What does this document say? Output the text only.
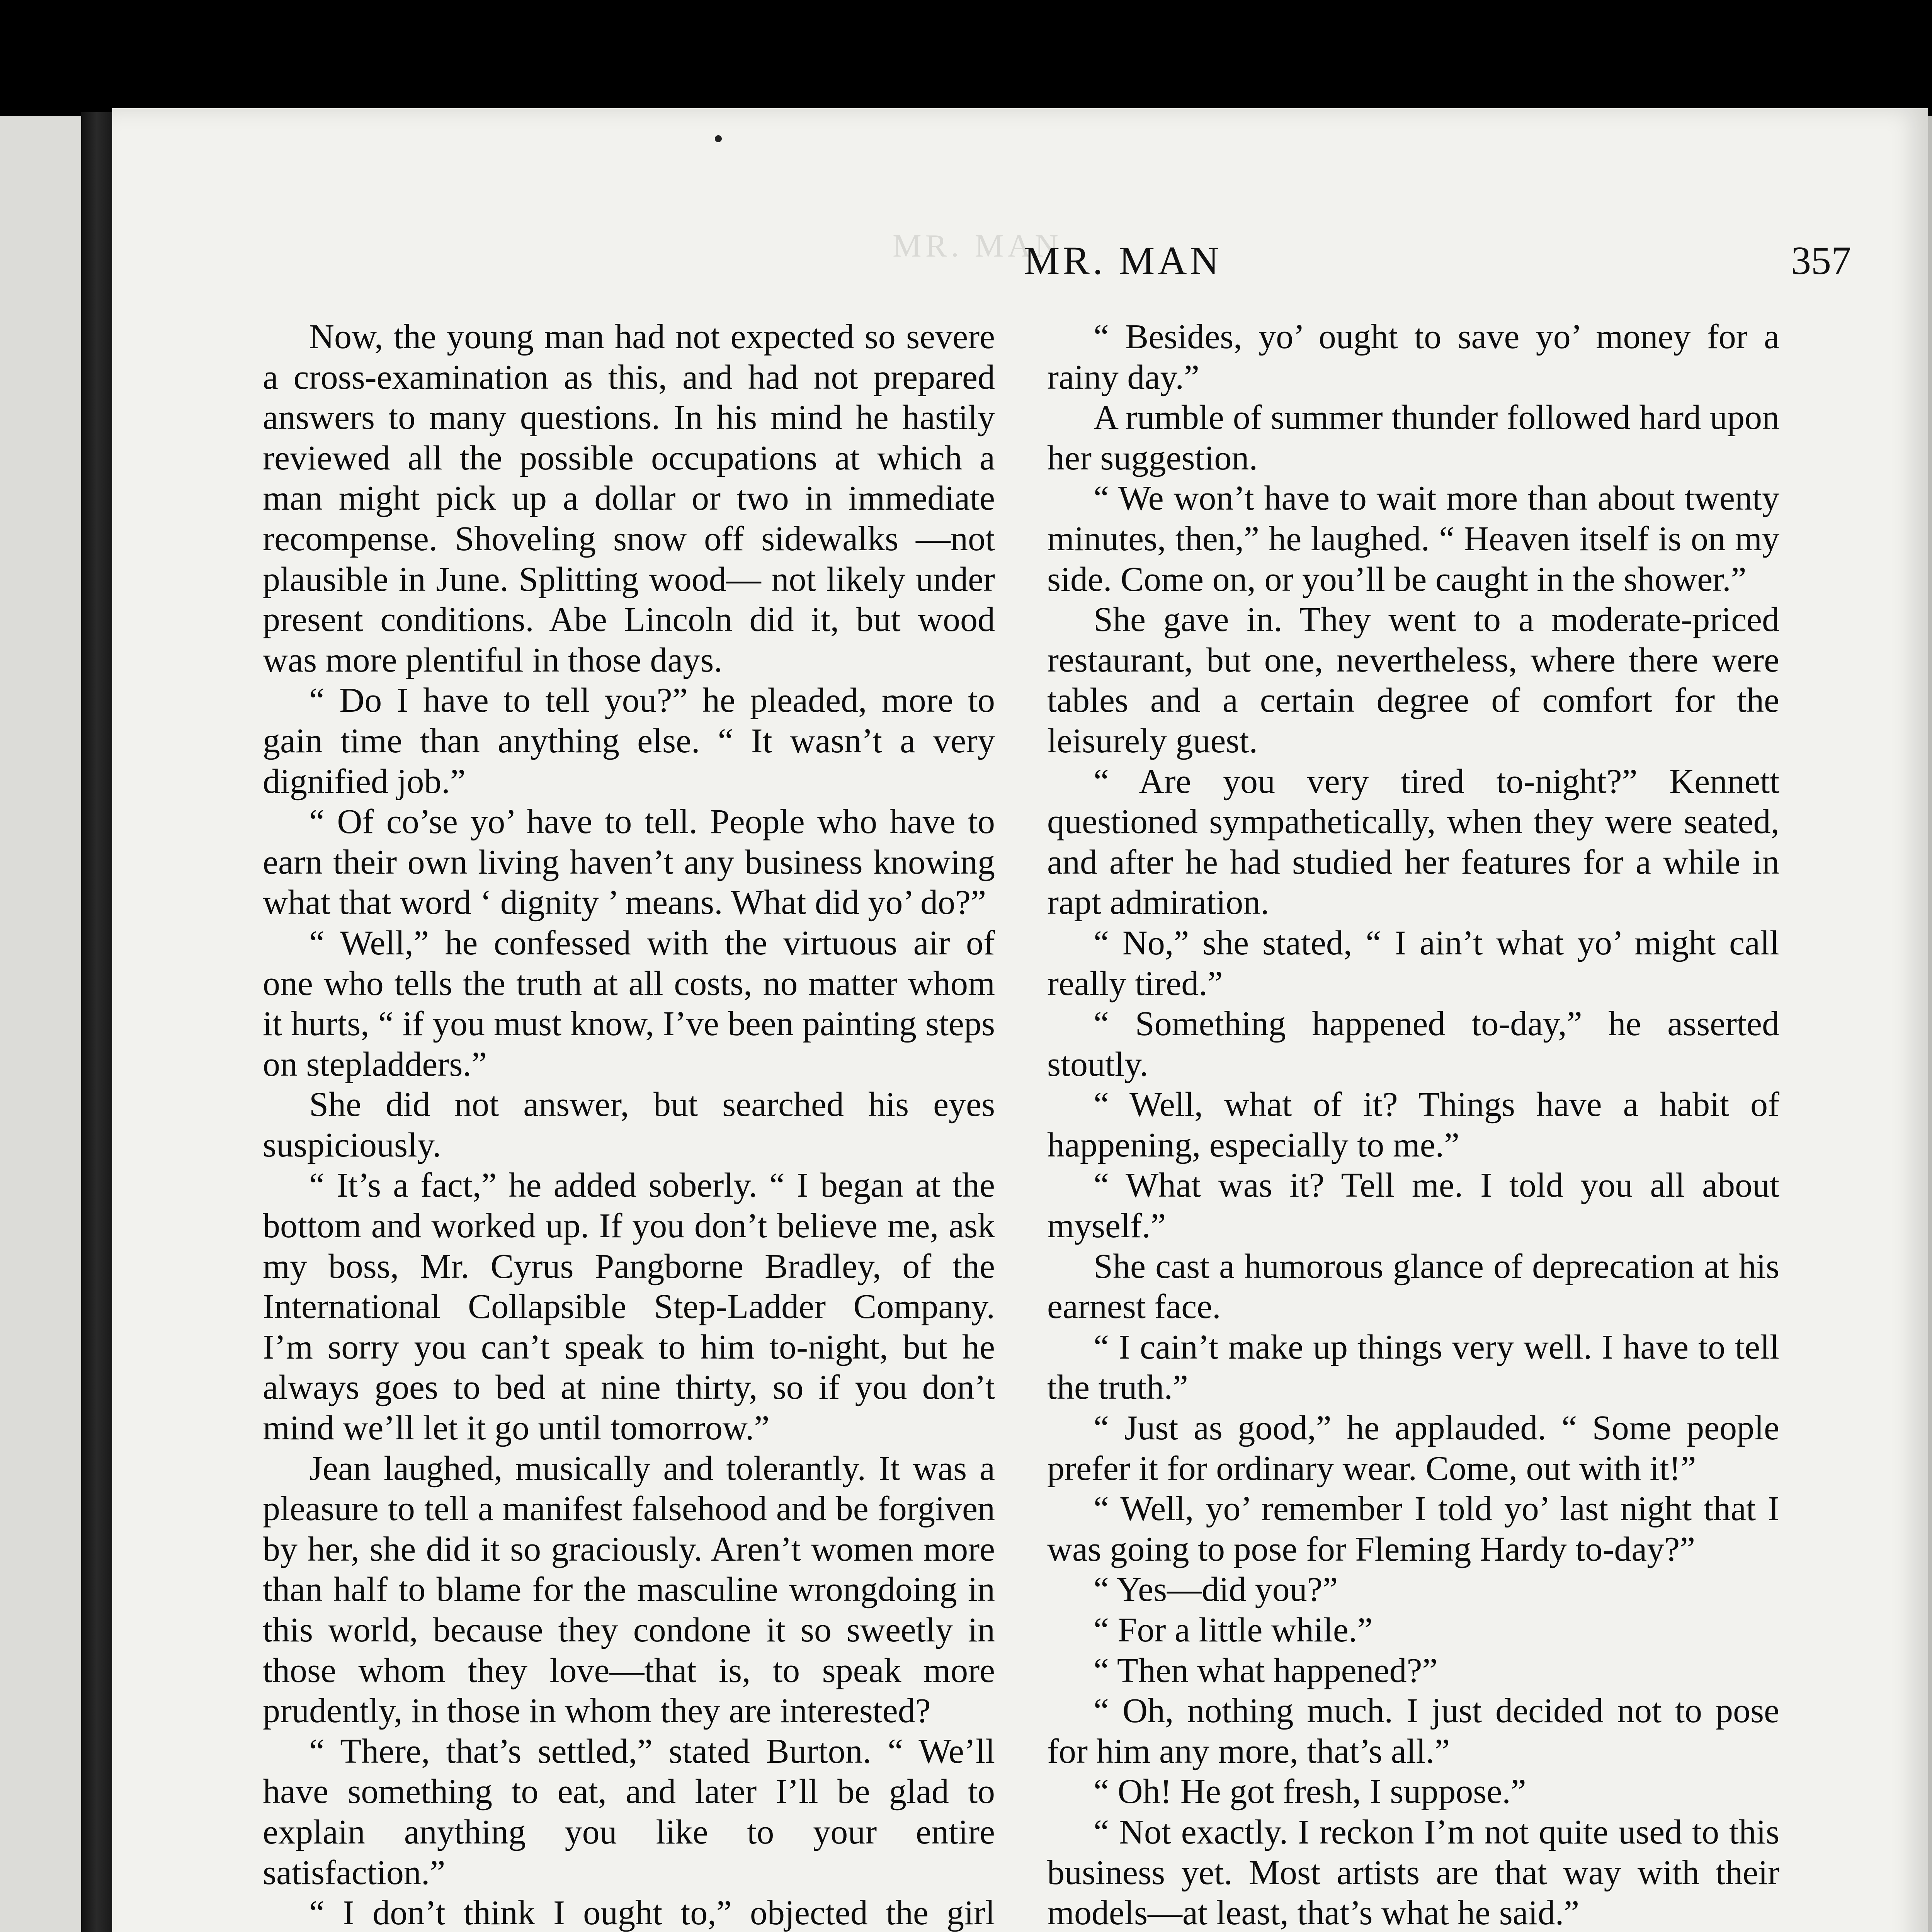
MR. MAN
MR. MAN	357

Now, the young man had not expected so severe a cross-examination as this, and had not prepared answers to many questions. In his mind he hastily reviewed all the possible occupations at which a man might pick up a dollar or two in immediate recompense. Shoveling snow off sidewalks —not plausible in June. Splitting wood— not likely under present conditions. Abe Lincoln did it, but wood was more plentiful in those days.

“ Do I have to tell you?” he pleaded, more to gain time than anything else. “ It wasn’t a very dignified job.”

“ Of co’se yo’ have to tell. People who have to earn their own living haven’t any business knowing what that word ‘ dignity ’ means. What did yo’ do?”

“ Well,” he confessed with the virtuous air of one who tells the truth at all costs, no matter whom it hurts, “ if you must know, I’ve been painting steps on stepladders.”

She did not answer, but searched his eyes suspiciously.

“ It’s a fact,” he added soberly. “ I began at the bottom and worked up. If you don’t believe me, ask my boss, Mr. Cyrus Pangborne Bradley, of the International Collapsible Step-Ladder Company. I’m sorry you can’t speak to him to-night, but he always goes to bed at nine thirty, so if you don’t mind we’ll let it go until tomorrow.”

Jean laughed, musically and tolerantly. It was a pleasure to tell a manifest falsehood and be forgiven by her, she did it so graciously. Aren’t women more than half to blame for the masculine wrongdoing in this world, because they condone it so sweetly in those whom they love—that is, to speak more prudently, in those in whom they are interested?

“ There, that’s settled,” stated Burton. “ We’ll have something to eat, and later I’ll be glad to explain anything you like to your entire satisfaction.”

“ I don’t think I ought to,” objected the girl

“ Besides, yo’ ought to save yo’ money for a rainy day.”

A rumble of summer thunder followed hard upon her suggestion.

“ We won’t have to wait more than about twenty minutes, then,” he laughed. “ Heaven itself is on my side. Come on, or you’ll be caught in the shower.”

She gave in. They went to a moderate-priced restaurant, but one, nevertheless, where there were tables and a certain degree of comfort for the leisurely guest.

“ Are you very tired to-night?” Kennett questioned sympathetically, when they were seated, and after he had studied her features for a while in rapt admiration.

“ No,” she stated, “ I ain’t what yo’ might call really tired.”

“ Something happened to-day,” he asserted stoutly.

“ Well, what of it? Things have a habit of happening, especially to me.”

“ What was it? Tell me. I told you all about myself.”

She cast a humorous glance of deprecation at his earnest face.

“ I cain’t make up things very well. I have to tell the truth.”

“ Just as good,” he applauded. “ Some people prefer it for ordinary wear. Come, out with it!”

“ Well, yo’ remember I told yo’ last night that I was going to pose for Fleming Hardy to-day?”

“ Yes—did you?”

“ For a little while.”

“ Then what happened?”

“ Oh, nothing much. I just decided not to pose for him any more, that’s all.”

“ Oh! He got fresh, I suppose.”

“ Not exactly. I reckon I’m not quite used to this business yet. Most artists are that way with their models—at least, that’s what he said.”
